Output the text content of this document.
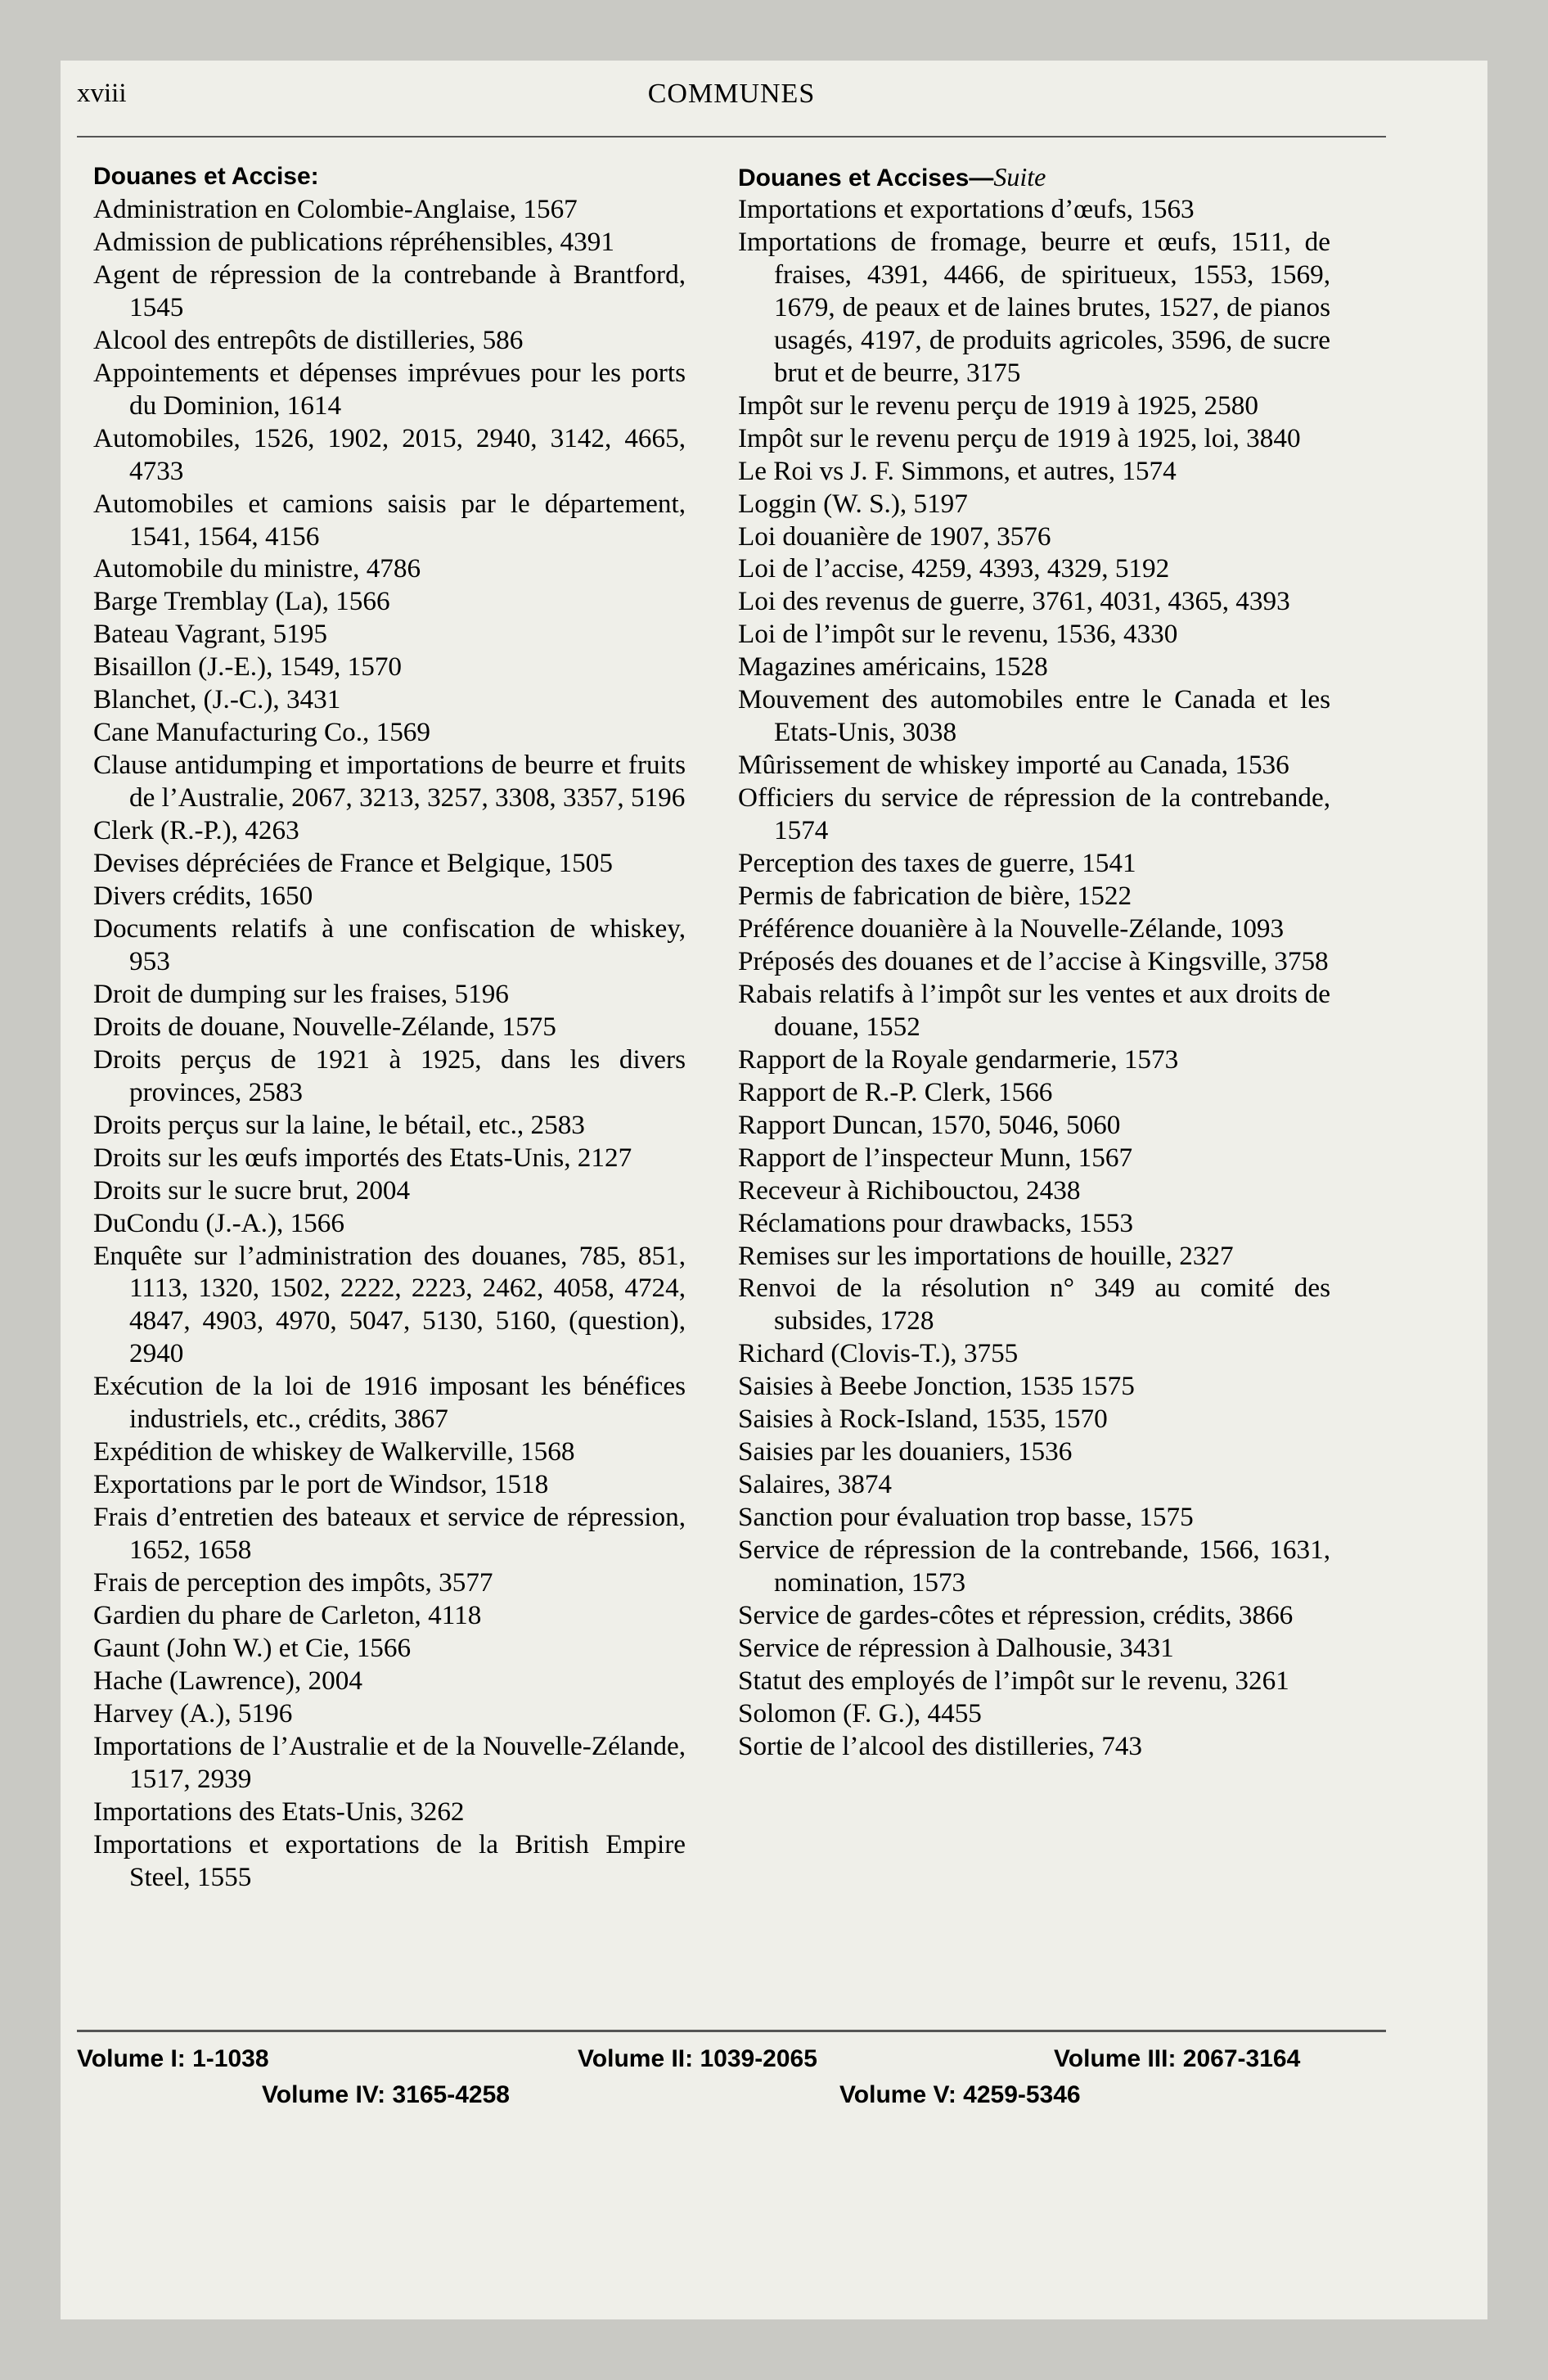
xviii	COMMUNES
Douanes et Accise:
Administration en Colombie-Anglaise, 1567
Admission de publications répréhensibles, 4391
Agent de répression de la contrebande à Brantford, 1545
Alcool des entrepôts de distilleries, 586
Appointements et dépenses imprévues pour les ports du Dominion, 1614
Automobiles, 1526, 1902, 2015, 2940, 3142, 4665, 4733
Automobiles et camions saisis par le département, 1541, 1564, 4156
Automobile du ministre, 4786
Barge Tremblay (La), 1566
Bateau Vagrant, 5195
Bisaillon (J.-E.), 1549, 1570
Blanchet, (J.-C.), 3431
Cane Manufacturing Co., 1569
Clause antidumping et importations de beurre et fruits de l’Australie, 2067, 3213, 3257, 3308, 3357, 5196
Clerk (R.-P.), 4263
Devises dépréciées de France et Belgique, 1505
Divers crédits, 1650
Documents relatifs à une confiscation de whiskey, 953
Droit de dumping sur les fraises, 5196
Droits de douane, Nouvelle-Zélande, 1575
Droits perçus de 1921 à 1925, dans les divers provinces, 2583
Droits perçus sur la laine, le bétail, etc., 2583
Droits sur les œufs importés des Etats-Unis, 2127
Droits sur le sucre brut, 2004
DuCondu (J.-A.), 1566
Enquête sur l’administration des douanes, 785, 851, 1113, 1320, 1502, 2222, 2223, 2462, 4058, 4724, 4847, 4903, 4970, 5047, 5130, 5160, (question), 2940
Exécution de la loi de 1916 imposant les bénéfices industriels, etc., crédits, 3867
Expédition de whiskey de Walkerville, 1568
Exportations par le port de Windsor, 1518
Frais d’entretien des bateaux et service de répression, 1652, 1658
Frais de perception des impôts, 3577
Gardien du phare de Carleton, 4118
Gaunt (John W.) et Cie, 1566
Hache (Lawrence), 2004
Harvey (A.), 5196
Importations de l’Australie et de la Nouvelle-Zélande, 1517, 2939
Importations des Etats-Unis, 3262
Importations et exportations de la British Empire Steel, 1555
Douanes et Accises—Suite
Importations et exportations d’œufs, 1563
Importations de fromage, beurre et œufs, 1511, de fraises, 4391, 4466, de spiritueux, 1553, 1569, 1679, de peaux et de laines brutes, 1527, de pianos usagés, 4197, de produits agricoles, 3596, de sucre brut et de beurre, 3175
Impôt sur le revenu perçu de 1919 à 1925, 2580
Impôt sur le revenu perçu de 1919 à 1925, loi, 3840
Le Roi vs J. F. Simmons, et autres, 1574
Loggin (W. S.), 5197
Loi douanière de 1907, 3576
Loi de l’accise, 4259, 4393, 4329, 5192
Loi des revenus de guerre, 3761, 4031, 4365, 4393
Loi de l’impôt sur le revenu, 1536, 4330
Magazines américains, 1528
Mouvement des automobiles entre le Canada et les Etats-Unis, 3038
Mûrissement de whiskey importé au Canada, 1536
Officiers du service de répression de la contrebande, 1574
Perception des taxes de guerre, 1541
Permis de fabrication de bière, 1522
Préférence douanière à la Nouvelle-Zélande, 1093
Préposés des douanes et de l’accise à Kingsville, 3758
Rabais relatifs à l’impôt sur les ventes et aux droits de douane, 1552
Rapport de la Royale gendarmerie, 1573
Rapport de R.-P. Clerk, 1566
Rapport Duncan, 1570, 5046, 5060
Rapport de l’inspecteur Munn, 1567
Receveur à Richibouctou, 2438
Réclamations pour drawbacks, 1553
Remises sur les importations de houille, 2327
Renvoi de la résolution n° 349 au comité des subsides, 1728
Richard (Clovis-T.), 3755
Saisies à Beebe Jonction, 1535 1575
Saisies à Rock-Island, 1535, 1570
Saisies par les douaniers, 1536
Salaires, 3874
Sanction pour évaluation trop basse, 1575
Service de répression de la contrebande, 1566, 1631, nomination, 1573
Service de gardes-côtes et répression, crédits, 3866
Service de répression à Dalhousie, 3431
Statut des employés de l’impôt sur le revenu, 3261
Solomon (F. G.), 4455
Sortie de l’alcool des distilleries, 743
Volume I: 1-1038	Volume II: 1039-2065	Volume III: 2067-3164
Volume IV: 3165-4258	Volume V: 4259-5346
